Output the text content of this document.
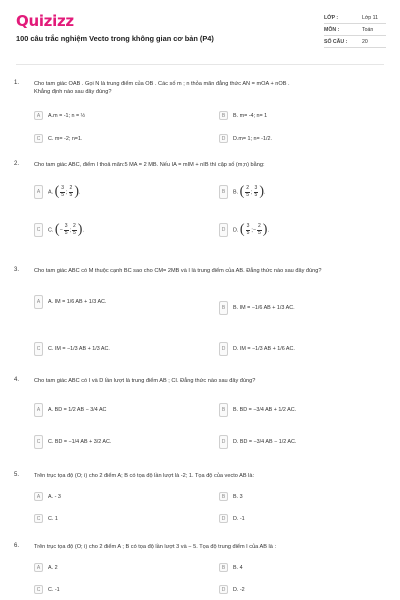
Quizizz
100 câu trắc nghiệm Vecto trong không gian cơ bản (P4)
LỚP :	Lớp 11
MÔN :	Toán
SỐ CÂU :	20
1.	Cho tam giác OAB . Gọi N là trung điểm của OB . Các số m ; n thỏa mãn đẳng thức AN = mOA + nOB .
Khẳng định nào sau đây đúng?
A	A.m = -1; n = ½	B	B. m= -4; n= 1
C	C. m= -2; n=1.	D	D.m= 1; n= -1/2.
2.	Cho tam giác ABC, điểm I thoả mãn:5 MA = 2 MB. Nếu IA = mIM + nIB thì cặp số (m;n) bằng:
A	A. ( $\frac{3}{5}$ ; $\frac{2}{5}$ ).	B	B. ( $\frac{2}{5}$ ; $\frac{3}{5}$ ).
C	C. (− $\frac{3}{5}$ ; $\frac{2}{5}$ ).	D	D. ( $\frac{3}{5}$ ;− $\frac{2}{5}$ ).
3.	Cho tam giác ABC có M thuộc cạnh BC sao cho CM= 2MB và I là trung điểm của AB. Đẳng thức nào sau đây đúng?
A	A. IM = 1/6 AB + 1/3 AC.
B	B. IM = −1/6 AB + 1/3 AC.
C	C. IM = −1/3 AB + 1/3 AC.	D	D. IM = −1/3 AB + 1/6 AC.
4.	Cho tam giác ABC có I và D lần lượt là trung điểm AB ; CI. Đẳng thức nào sau đây đúng?
A	A. BD = 1/2 AB − 3/4 AC	B	B. BD = −3/4 AB + 1/2 AC.
C	C. BD = −1/4 AB + 3/2 AC.	D	D. BD = −3/4 AB − 1/2 AC.
5.	Trên trục tọa độ (O; i) cho 2 điểm A; B có tọa độ lần lượt là -2; 1. Tọa độ của vecto AB là:
A	A. - 3	B	B. 3
C	C. 1	D	D. -1
6.	Trên trục tọa độ (O; i) cho 2 điểm A ; B có tọa độ lần lượt 3 và − 5. Tọa độ trung điểm I của AB là :
A	A. 2	B	B. 4
C	C. -1	D	D. -2
